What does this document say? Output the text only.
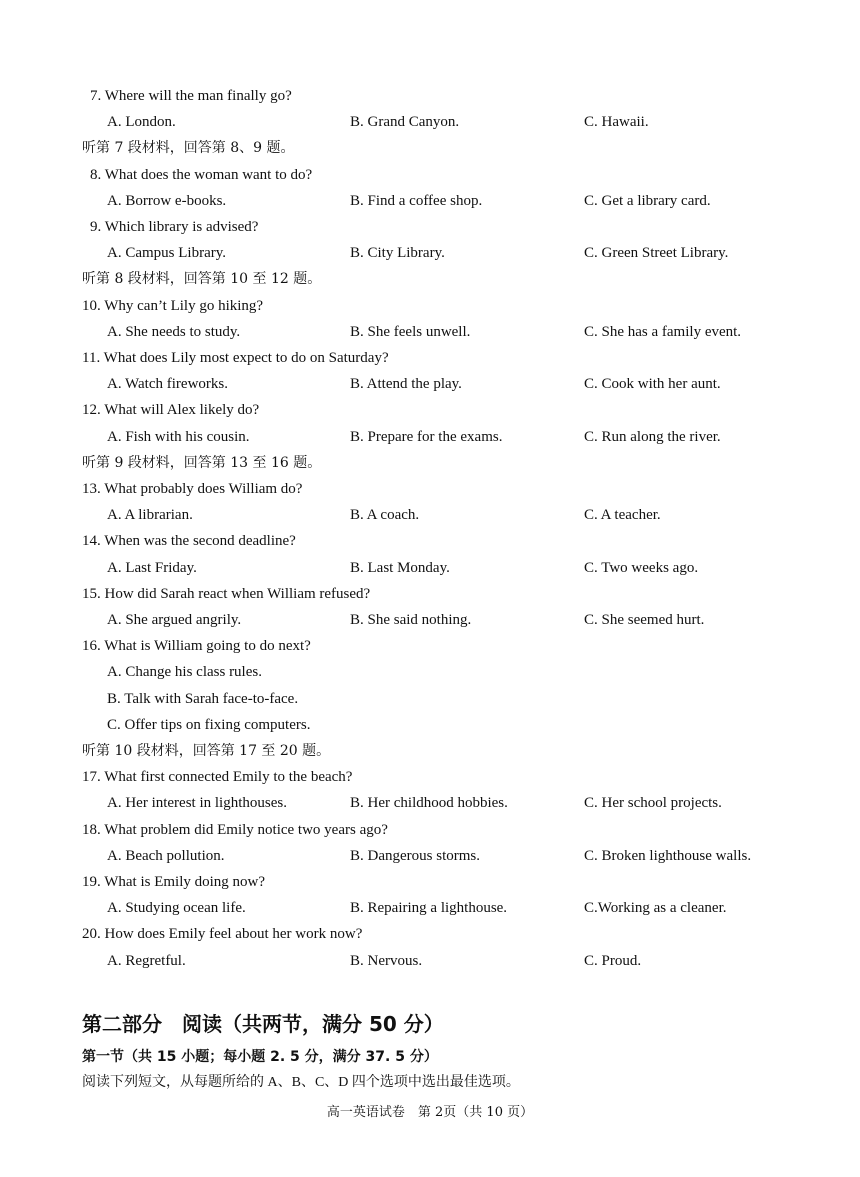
7. Where will the man finally go?
A. London.	B. Grand Canyon.	C. Hawaii.
听第 7 段材料，回答第 8、9 题。
8. What does the woman want to do?
A. Borrow e-books.	B. Find a coffee shop.	C. Get a library card.
9. Which library is advised?
A. Campus Library.	B. City Library.	C. Green Street Library.
听第 8 段材料，回答第 10 至 12 题。
10. Why can’t Lily go hiking?
A. She needs to study.	B. She feels unwell.	C. She has a family event.
11. What does Lily most expect to do on Saturday?
A. Watch fireworks.	B. Attend the play.	C. Cook with her aunt.
12. What will Alex likely do?
A. Fish with his cousin.	B. Prepare for the exams.	C. Run along the river.
听第 9 段材料，回答第 13 至 16 题。
13. What probably does William do?
A. A librarian.	B. A coach.	C. A teacher.
14. When was the second deadline?
A. Last Friday.	B. Last Monday.	C. Two weeks ago.
15. How did Sarah react when William refused?
A. She argued angrily.	B. She said nothing.	C. She seemed hurt.
16. What is William going to do next?
A. Change his class rules.
B. Talk with Sarah face-to-face.
C. Offer tips on fixing computers.
听第 10 段材料，回答第 17 至 20 题。
17. What first connected Emily to the beach?
A. Her interest in lighthouses.	B. Her childhood hobbies.	C. Her school projects.
18. What problem did Emily notice two years ago?
A. Beach pollution.	B. Dangerous storms.	C. Broken lighthouse walls.
19. What is Emily doing now?
A. Studying ocean life.	B. Repairing a lighthouse.	C.Working as a cleaner.
20. How does Emily feel about her work now?
A. Regretful.	B. Nervous.	C. Proud.
第二部分　阅读（共两节，满分 50 分）
第一节（共 15 小题；每小题 2. 5 分，满分 37. 5 分）
阅读下列短文，从每题所给的 A、B、C、D 四个选项中选出最佳选项。
高一英语试卷　第 2页（共 10 页）
